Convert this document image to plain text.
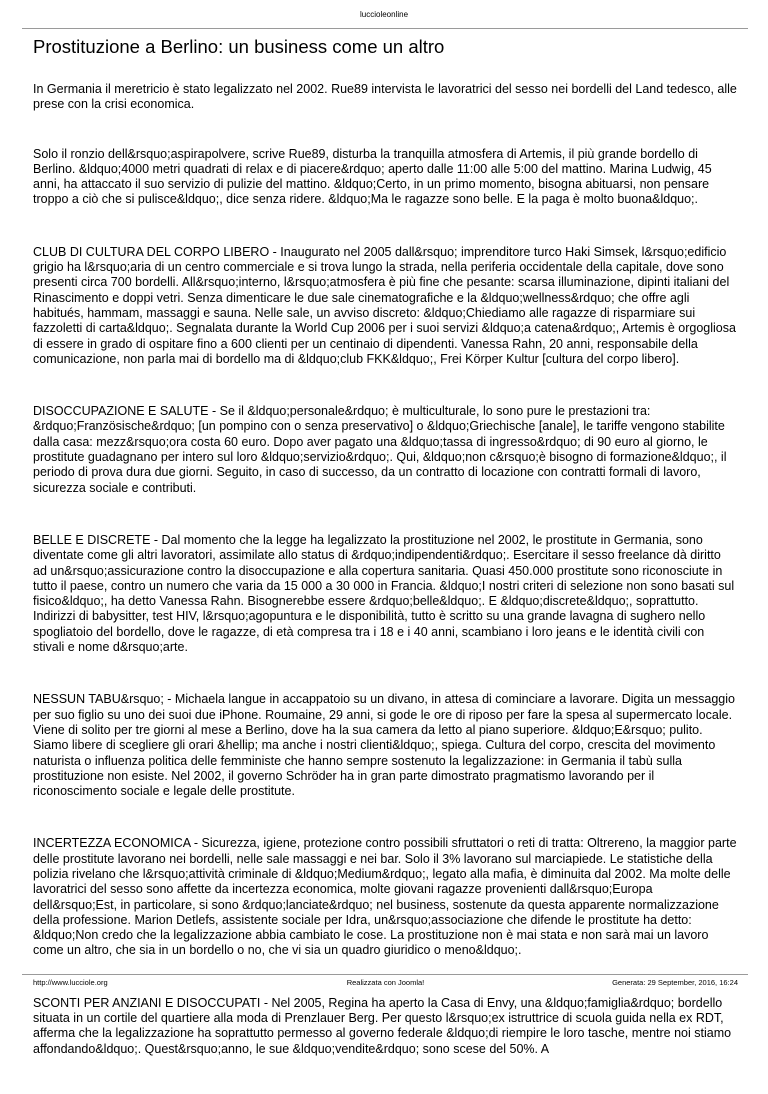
luccioleonline
Prostituzione a Berlino: un business come un altro

In Germania il meretricio è stato legalizzato nel 2002. Rue89 intervista le lavoratrici del sesso nei bordelli del Land tedesco, alle prese con la crisi economica.

Solo il ronzio dell&rsquo;aspirapolvere, scrive Rue89, disturba la tranquilla atmosfera di Artemis, il più grande bordello di Berlino. &ldquo;4000 metri quadrati di relax e di piacere&rdquo; aperto dalle 11:00 alle 5:00 del mattino. Marina Ludwig, 45 anni, ha attaccato il suo servizio di pulizie del mattino. &ldquo;Certo, in un primo momento, bisogna abituarsi, non pensare troppo a ciò che si pulisce&ldquo;, dice senza ridere. &ldquo;Ma le ragazze sono belle. E la paga è molto buona&ldquo;.

CLUB DI CULTURA DEL CORPO LIBERO - Inaugurato nel 2005 dall&rsquo; imprenditore turco Haki Simsek, l&rsquo;edificio grigio ha l&rsquo;aria di un centro commerciale e si trova lungo la strada, nella periferia occidentale della capitale, dove sono presenti circa 700 bordelli. All&rsquo;interno, l&rsquo;atmosfera è più fine che pesante: scarsa illuminazione, dipinti italiani del Rinascimento e doppi vetri. Senza dimenticare le due sale cinematografiche e la &ldquo;wellness&rdquo; che offre agli habitués, hammam, massaggi e sauna. Nelle sale, un avviso discreto: &ldquo;Chiediamo alle ragazze di risparmiare sui fazzoletti di carta&ldquo;. Segnalata durante la World Cup 2006 per i suoi servizi &ldquo;a catena&rdquo;, Artemis è orgogliosa di essere in grado di ospitare fino a 600 clienti per un centinaio di dipendenti. Vanessa Rahn, 20 anni, responsabile della comunicazione, non parla mai di bordello ma di &ldquo;club FKK&ldquo;, Frei Körper Kultur [cultura del corpo libero].

DISOCCUPAZIONE E SALUTE - Se il &ldquo;personale&rdquo; è multiculturale, lo sono pure le prestazioni tra: &rdquo;Französische&rdquo; [un pompino con o senza preservativo] o &ldquo;Griechische [anale], le tariffe vengono stabilite dalla casa: mezz&rsquo;ora costa 60 euro. Dopo aver pagato una &ldquo;tassa di ingresso&rdquo; di 90 euro al giorno, le prostitute guadagnano per intero sul loro &ldquo;servizio&rdquo;. Qui, &ldquo;non c&rsquo;è bisogno di formazione&ldquo;, il periodo di prova dura due giorni. Seguito, in caso di successo, da un contratto di locazione con contratti formali di lavoro, sicurezza sociale e contributi.

BELLE E DISCRETE - Dal momento che la legge ha legalizzato la prostituzione nel 2002, le prostitute in Germania, sono diventate come gli altri lavoratori, assimilate allo status di &rdquo;indipendenti&rdquo;. Esercitare il sesso freelance dà diritto ad un&rsquo;assicurazione contro la disoccupazione e alla copertura sanitaria. Quasi 450.000 prostitute sono riconosciute in tutto il paese, contro un numero che varia da 15 000 a 30 000 in Francia. &ldquo;I nostri criteri di selezione non sono basati sul fisico&ldquo;, ha detto Vanessa Rahn. Bisognerebbe essere &rdquo;belle&ldquo;. E &ldquo;discrete&ldquo;, soprattutto. Indirizzi di babysitter, test HIV, l&rsquo;agopuntura e le disponibilità, tutto è scritto su una grande lavagna di sughero nello spogliatoio del bordello, dove le ragazze, di età compresa tra i 18 e i 40 anni, scambiano i loro jeans e le identità civili con stivali e nome d&rsquo;arte.

NESSUN TABU&rsquo; - Michaela langue in accappatoio su un divano, in attesa di cominciare a lavorare. Digita un messaggio per suo figlio su uno dei suoi due iPhone. Roumaine, 29 anni, si gode le ore di riposo per fare la spesa al supermercato locale. Viene di solito per tre giorni al mese a Berlino, dove ha la sua camera da letto al piano superiore. &ldquo;E&rsquo; pulito. Siamo libere di scegliere gli orari &hellip; ma anche i nostri clienti&ldquo;, spiega. Cultura del corpo, crescita del movimento naturista o influenza politica delle femministe che hanno sempre sostenuto la legalizzazione: in Germania il tabù sulla prostituzione non esiste. Nel 2002, il governo Schröder ha in gran parte dimostrato pragmatismo lavorando per il riconoscimento sociale e legale delle prostitute.

INCERTEZZA ECONOMICA - Sicurezza, igiene, protezione contro possibili sfruttatori o reti di tratta: Oltrereno, la maggior parte delle prostitute lavorano nei bordelli, nelle sale massaggi e nei bar. Solo il 3% lavorano sul marciapiede. Le statistiche della polizia rivelano che l&rsquo;attività criminale di &ldquo;Medium&rdquo;, legato alla mafia, è diminuita dal 2002. Ma molte delle lavoratrici del sesso sono affette da incertezza economica, molte giovani ragazze provenienti dall&rsquo;Europa dell&rsquo;Est, in particolare, si sono &rdquo;lanciate&rdquo; nel business, sostenute da questa apparente normalizzazione della professione. Marion Detlefs, assistente sociale per Idra, un&rsquo;associazione che difende le prostitute ha detto: &ldquo;Non credo che la legalizzazione abbia cambiato le cose. La prostituzione non è mai stata e non sarà mai un lavoro come un altro, che sia in un bordello o no, che vi sia un quadro giuridico o meno&ldquo;.

SCONTI PER ANZIANI E DISOCCUPATI - Nel 2005, Regina ha aperto la Casa di Envy, una &ldquo;famiglia&rdquo; bordello situata in un cortile del quartiere alla moda di Prenzlauer Berg. Per questo l&rsquo;ex istruttrice di scuola guida nella ex RDT, afferma che la legalizzazione ha soprattutto permesso al governo federale &ldquo;di riempire le loro tasche, mentre noi stiamo affondando&ldquo;. Quest&rsquo;anno, le sue &ldquo;vendite&rdquo; sono scese del 50%. A

http://www.lucciole.org	Realizzata con Joomla!	Generata: 29 September, 2016, 16:24
